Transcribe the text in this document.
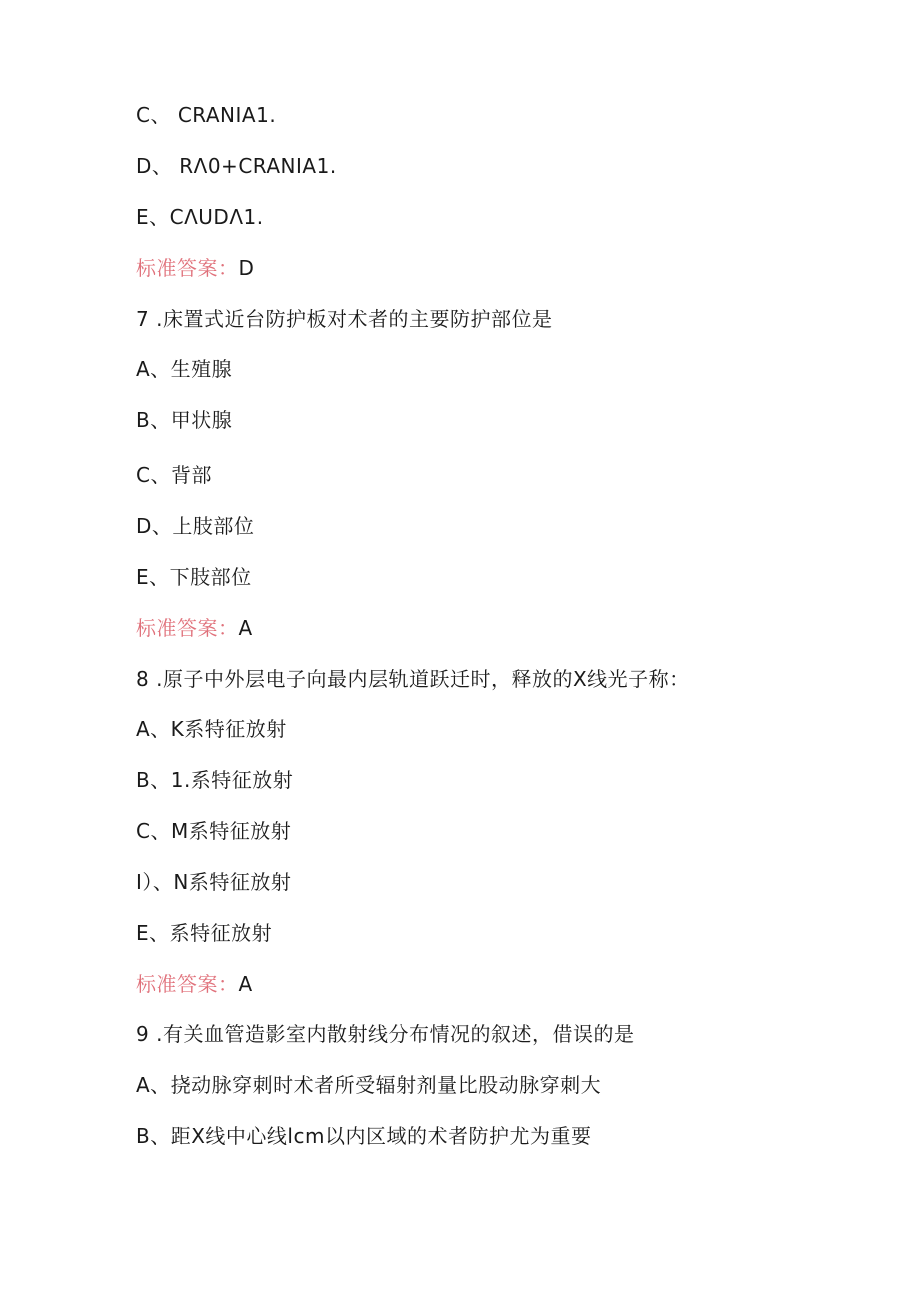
C、 CRANIA1.
D、 RΛ0+CRANIA1.
E、CΛUDΛ1.
标准答案：D
7 .床置式近台防护板对术者的主要防护部位是
A、生殖腺
B、甲状腺
C、背部
D、上肢部位
E、下肢部位
标准答案：A
8 .原子中外层电子向最内层轨道跃迁时，释放的X线光子称：
A、K系特征放射
B、1.系特征放射
C、M系特征放射
I）、N系特征放射
E、系特征放射
标准答案：A
9 .有关血管造影室内散射线分布情况的叙述，借误的是
A、挠动脉穿刺时术者所受辐射剂量比股动脉穿刺大
B、距X线中心线lcm以内区域的术者防护尤为重要
